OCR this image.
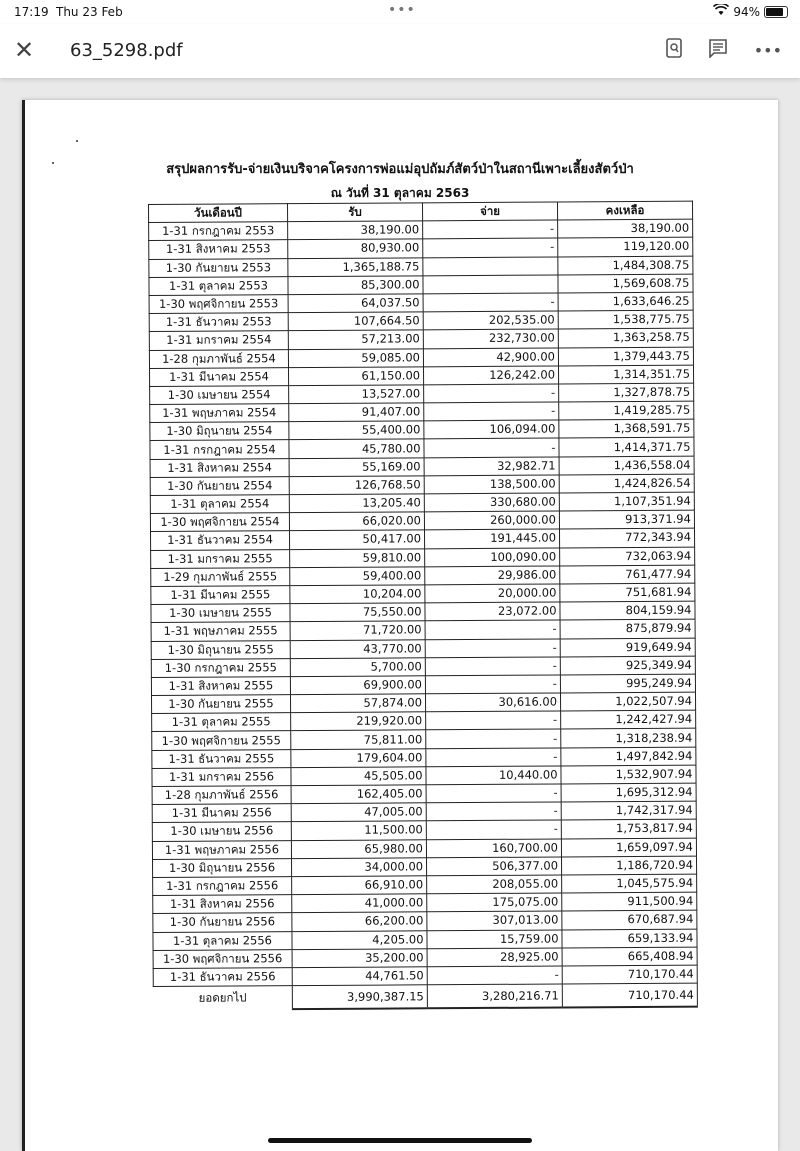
17:19 Thu 23 Feb	•••	94%
✕ 63_5298.pdf	•••
สรุปผลการรับ-จ่ายเงินบริจาคโครงการพ่อแม่อุปถัมภ์สัตว์ป่าในสถานีเพาะเลี้ยงสัตว์ป่า
ณ วันที่ 31 ตุลาคม 2563
วันเดือนปี	รับ	จ่าย	คงเหลือ
1-31 กรกฎาคม 2553	38,190.00	-	38,190.00
1-31 สิงหาคม 2553	80,930.00	-	119,120.00
1-30 กันยายน 2553	1,365,188.75		1,484,308.75
1-31 ตุลาคม 2553	85,300.00		1,569,608.75
1-30 พฤศจิกายน 2553	64,037.50	-	1,633,646.25
1-31 ธันวาคม 2553	107,664.50	202,535.00	1,538,775.75
1-31 มกราคม 2554	57,213.00	232,730.00	1,363,258.75
1-28 กุมภาพันธ์ 2554	59,085.00	42,900.00	1,379,443.75
1-31 มีนาคม 2554	61,150.00	126,242.00	1,314,351.75
1-30 เมษายน 2554	13,527.00	-	1,327,878.75
1-31 พฤษภาคม 2554	91,407.00	-	1,419,285.75
1-30 มิถุนายน 2554	55,400.00	106,094.00	1,368,591.75
1-31 กรกฎาคม 2554	45,780.00	-	1,414,371.75
1-31 สิงหาคม 2554	55,169.00	32,982.71	1,436,558.04
1-30 กันยายน 2554	126,768.50	138,500.00	1,424,826.54
1-31 ตุลาคม 2554	13,205.40	330,680.00	1,107,351.94
1-30 พฤศจิกายน 2554	66,020.00	260,000.00	913,371.94
1-31 ธันวาคม 2554	50,417.00	191,445.00	772,343.94
1-31 มกราคม 2555	59,810.00	100,090.00	732,063.94
1-29 กุมภาพันธ์ 2555	59,400.00	29,986.00	761,477.94
1-31 มีนาคม 2555	10,204.00	20,000.00	751,681.94
1-30 เมษายน 2555	75,550.00	23,072.00	804,159.94
1-31 พฤษภาคม 2555	71,720.00	-	875,879.94
1-30 มิถุนายน 2555	43,770.00	-	919,649.94
1-30 กรกฎาคม 2555	5,700.00	-	925,349.94
1-31 สิงหาคม 2555	69,900.00	-	995,249.94
1-30 กันยายน 2555	57,874.00	30,616.00	1,022,507.94
1-31 ตุลาคม 2555	219,920.00	-	1,242,427.94
1-30 พฤศจิกายน 2555	75,811.00	-	1,318,238.94
1-31 ธันวาคม 2555	179,604.00	-	1,497,842.94
1-31 มกราคม 2556	45,505.00	10,440.00	1,532,907.94
1-28 กุมภาพันธ์ 2556	162,405.00	-	1,695,312.94
1-31 มีนาคม 2556	47,005.00	-	1,742,317.94
1-30 เมษายน 2556	11,500.00	-	1,753,817.94
1-31 พฤษภาคม 2556	65,980.00	160,700.00	1,659,097.94
1-30 มิถุนายน 2556	34,000.00	506,377.00	1,186,720.94
1-31 กรกฎาคม 2556	66,910.00	208,055.00	1,045,575.94
1-31 สิงหาคม 2556	41,000.00	175,075.00	911,500.94
1-30 กันยายน 2556	66,200.00	307,013.00	670,687.94
1-31 ตุลาคม 2556	4,205.00	15,759.00	659,133.94
1-30 พฤศจิกายน 2556	35,200.00	28,925.00	665,408.94
1-31 ธันวาคม 2556	44,761.50	-	710,170.44
ยอดยกไป	3,990,387.15	3,280,216.71	710,170.44
